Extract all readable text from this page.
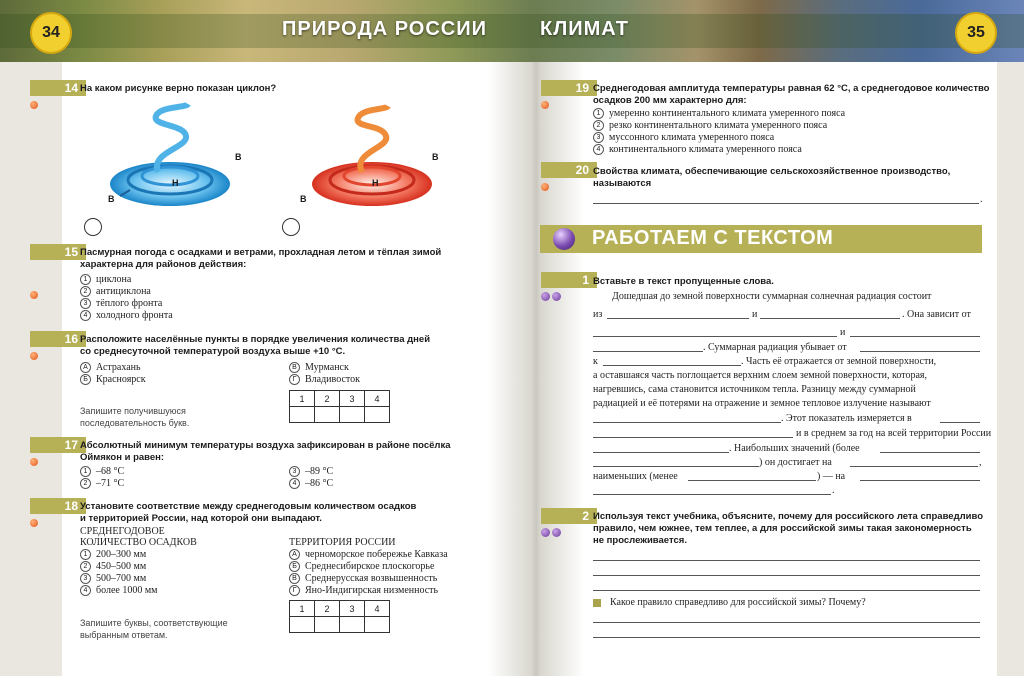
ПРИРОДА РОССИИ	КЛИМАТ
34	35
14 На каком рисунке верно показан циклон?
Н
В
В
Н
В
В
15 Пасмурная погода с осадками и ветрами, прохладная летом и тёплая зимой
характерна для районов действия:
1 циклона
2 антициклона
3 тёплого фронта
4 холодного фронта
16 Расположите населённые пункты в порядке увеличения количества дней
со среднесуточной температурой воздуха выше +10 °С.
А Астрахань
Б Красноярск
В Мурманск
Г Владивосток
Запишите получившуюся
последовательность букв.
1	2	3	4

17 Абсолютный минимум температуры воздуха зафиксирован в районе посёлка
Оймякон и равен:
1 –68 °С
2 –71 °С
3 –89 °С
4 –86 °С
18 Установите соответствие между среднегодовым количеством осадков
и территорией России, над которой они выпадают.
СРЕДНЕГОДОВОЕ
КОЛИЧЕСТВО ОСАДКОВ	ТЕРРИТОРИЯ РОССИИ
1 200–300 мм
2 450–500 мм
3 500–700 мм
4 более 1000 мм
А черноморское побережье Кавказа
Б Среднесибирское плоскогорье
В Среднерусская возвышенность
Г Яно-Индигирская низменность
Запишите буквы, соответствующие
выбранным ответам.
1	2	3	4

19 Среднегодовая амплитуда температуры равная 62 °С, а среднегодовое количество
осадков 200 мм характерно для:
1 умеренно континентального климата умеренного пояса
2 резко континентального климата умеренного пояса
3 муссонного климата умеренного пояса
4 континентального климата умеренного пояса
20 Свойства климата, обеспечивающие сельскохозяйственное производство,
называются
.
РАБОТАЕМ С ТЕКСТОМ
1 Вставьте в текст пропущенные слова.
Дошедшая до земной поверхности суммарная солнечная радиация состоит
из	и	. Она зависит от
и
. Суммарная радиация убывает от
к	. Часть её отражается от земной поверхности,
а оставшаяся часть поглощается верхним слоем земной поверхности, которая,
нагревшись, сама становится источником тепла. Разницу между суммарной
радиацией и её потерями на отражение и земное тепловое излучение называют
. Этот показатель измеряется в
и в среднем за год на всей территории России
. Наибольших значений (более
) он достигает на	,
наименьших (менее	) — на
.
2 Используя текст учебника, объясните, почему для российского лета справедливо
правило, чем южнее, тем теплее, а для российской зимы такая закономерность
не прослеживается.
Какое правило справедливо для российской зимы? Почему?
